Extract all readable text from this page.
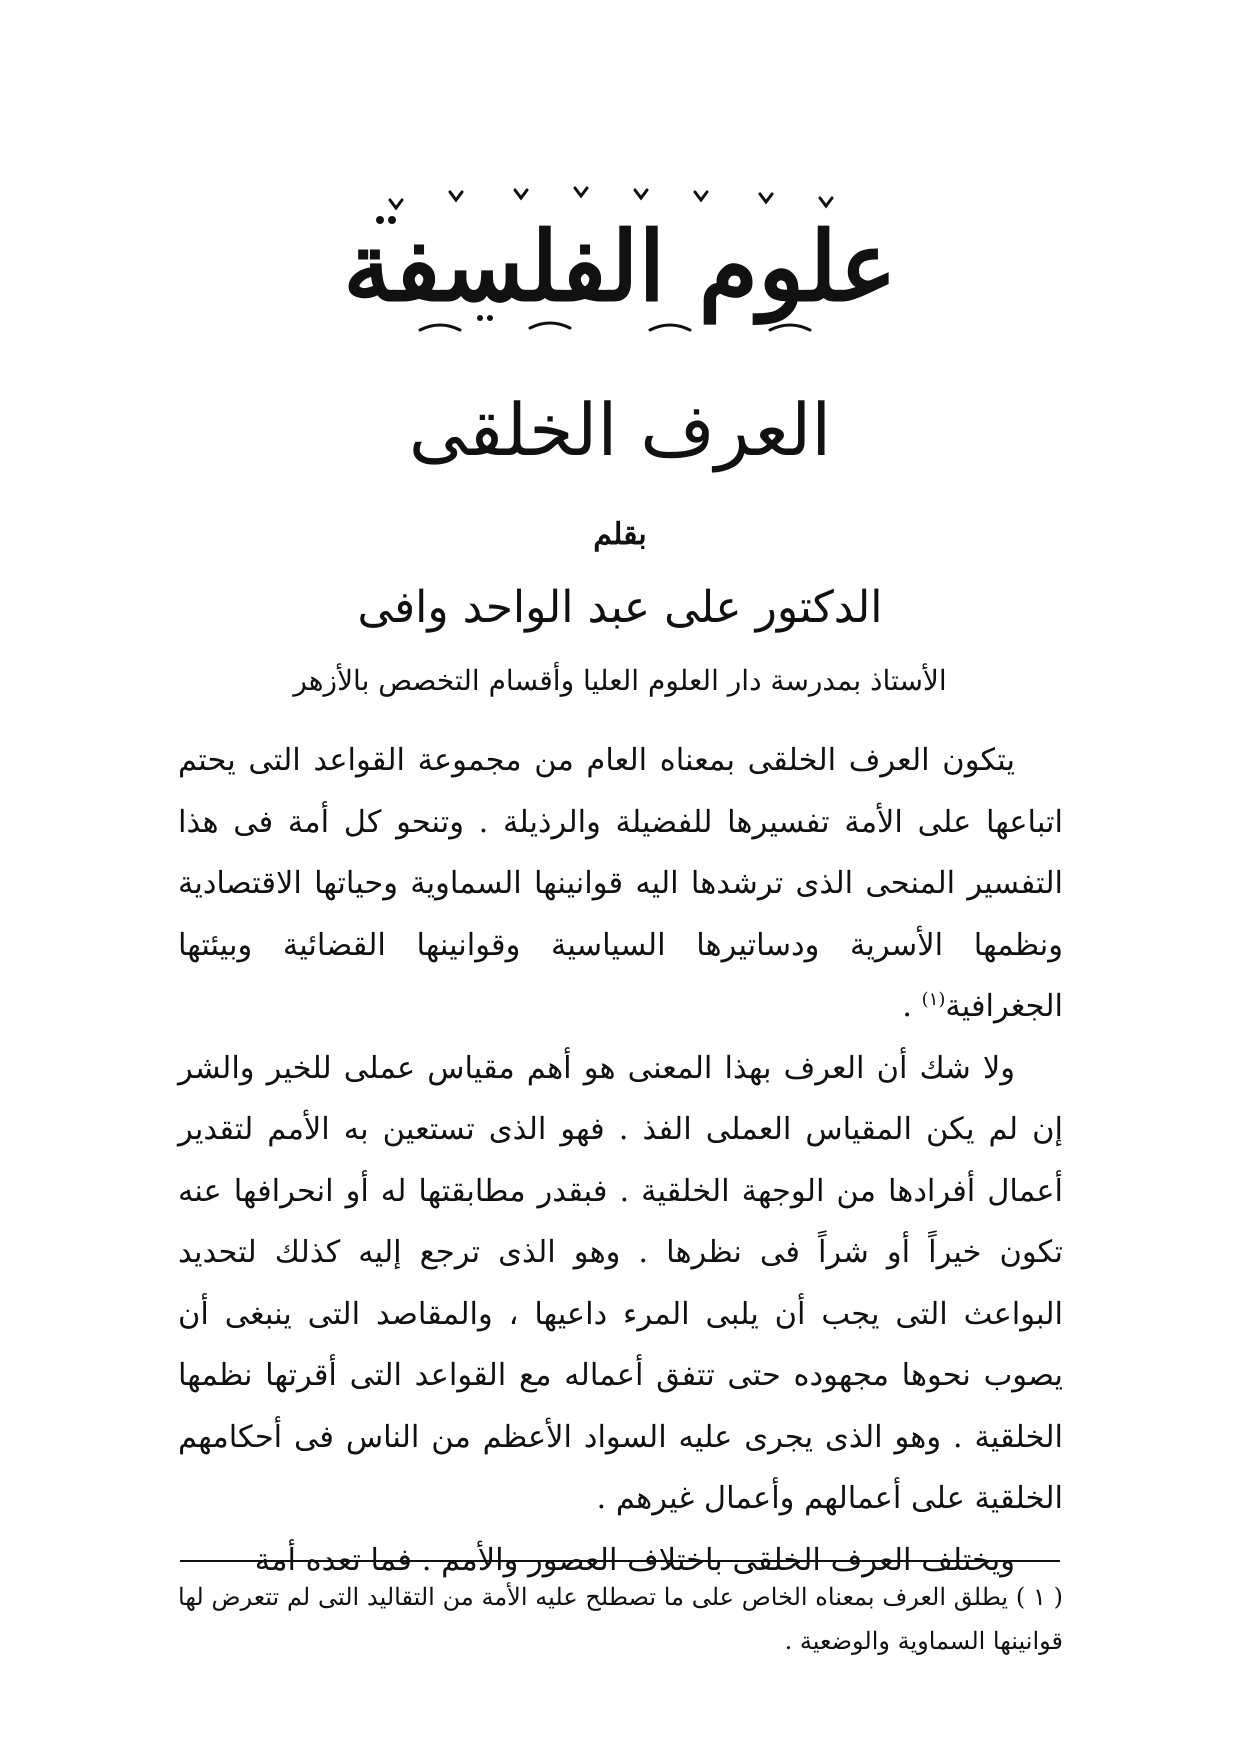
علوم الفلسفة
العرف الخلقى
بقلم
الدكتور على عبد الواحد وافى
الأستاذ بمدرسة دار العلوم العليا وأقسام التخصص بالأزهر

يتكون العرف الخلقى بمعناه العام من مجموعة القواعد التى يحتم اتباعها على الأمة تفسيرها للفضيلة والرذيلة . وتنحو كل أمة فى هذا التفسير المنحى الذى ترشدها اليه قوانينها السماوية وحياتها الاقتصادية ونظمها الأسرية ودساتيرها السياسية وقوانينها القضائية وبيئتها الجغرافية$^{(١)}$ .

ولا شك أن العرف بهذا المعنى هو أهم مقياس عملى للخير والشر إن لم يكن المقياس العملى الفذ . فهو الذى تستعين به الأمم لتقدير أعمال أفرادها من الوجهة الخلقية . فبقدر مطابقتها له أو انحرافها عنه تكون خيراً أو شراً فى نظرها . وهو الذى ترجع إليه كذلك لتحديد البواعث التى يجب أن يلبى المرء داعيها ، والمقاصد التى ينبغى أن يصوب نحوها مجهوده حتى تتفق أعماله مع القواعد التى أقرتها نظمها الخلقية . وهو الذى يجرى عليه السواد الأعظم من الناس فى أحكامهم الخلقية على أعمالهم وأعمال غيرهم .

ويختلف العرف الخلقى باختلاف العصور والأمم . فما تعده أمة

( ١ ) يطلق العرف بمعناه الخاص على ما تصطلح عليه الأمة من التقاليد التى لم تتعرض لها قوانينها السماوية والوضعية .
